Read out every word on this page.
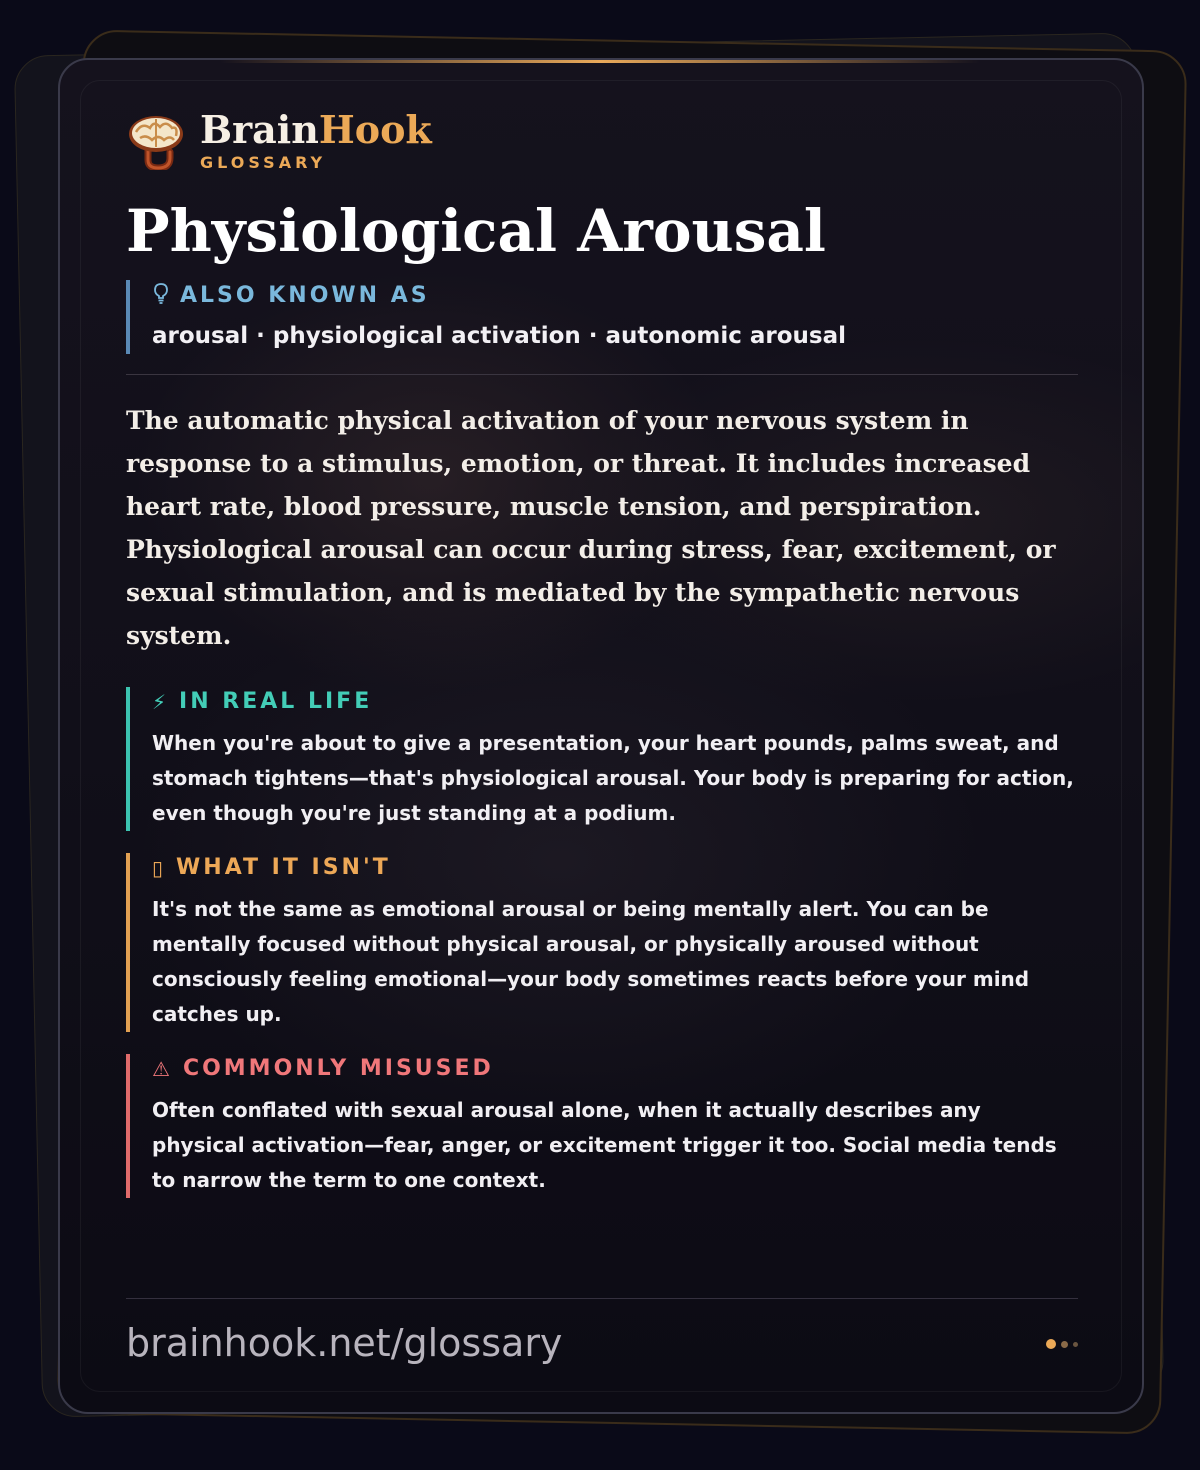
BrainHook
GLOSSARY
Physiological Arousal
ALSO KNOWN AS
arousal · physiological activation · autonomic arousal

The automatic physical activation of your nervous system in response to a stimulus, emotion, or threat. It includes increased heart rate, blood pressure, muscle tension, and perspiration. Physiological arousal can occur during stress, fear, excitement, or sexual stimulation, and is mediated by the sympathetic nervous system.

⚡ IN REAL LIFE
When you're about to give a presentation, your heart pounds, palms sweat, and stomach tightens—that's physiological arousal. Your body is preparing for action, even though you're just standing at a podium.
▯ WHAT IT ISN'T
It's not the same as emotional arousal or being mentally alert. You can be mentally focused without physical arousal, or physically aroused without consciously feeling emotional—your body sometimes reacts before your mind catches up.
⚠ COMMONLY MISUSED
Often conflated with sexual arousal alone, when it actually describes any physical activation—fear, anger, or excitement trigger it too. Social media tends to narrow the term to one context.
brainhook.net/glossary
